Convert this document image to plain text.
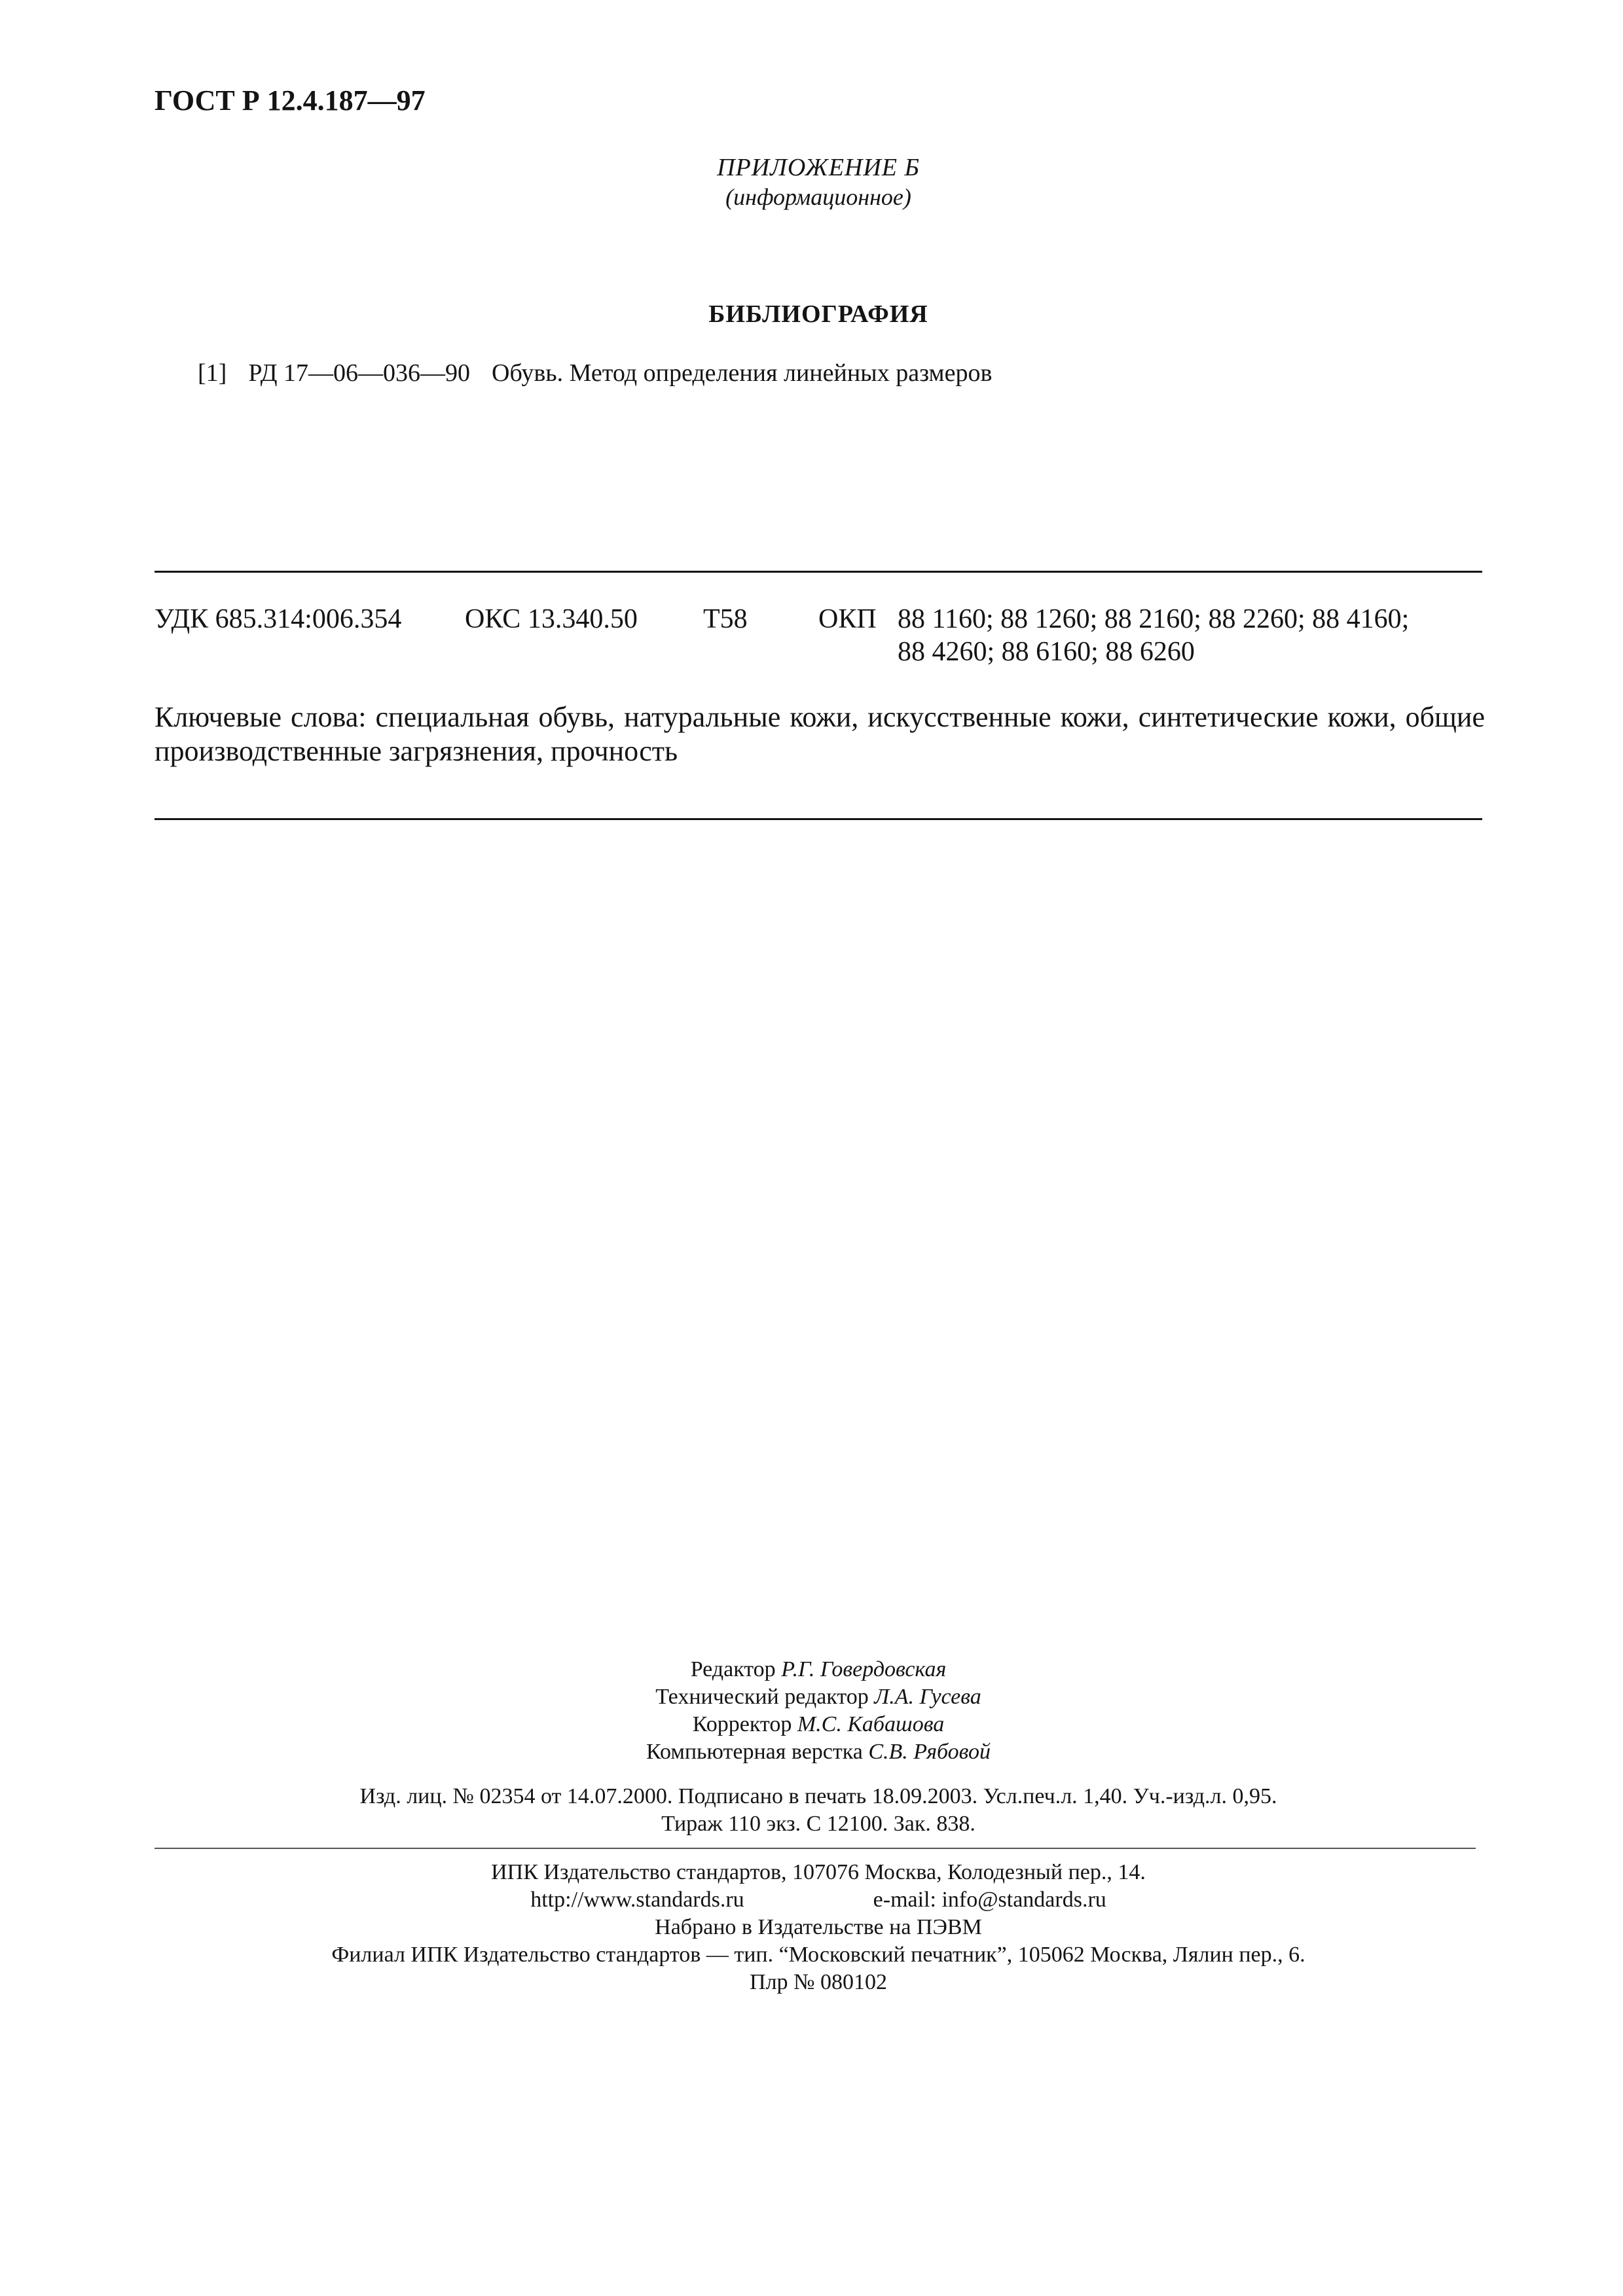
ГОСТ Р 12.4.187—97
ПРИЛОЖЕНИЕ Б
(информационное)
БИБЛИОГРАФИЯ
[1] РД 17—06—036—90 Обувь. Метод определения линейных размеров
УДК 685.314:006.354 ОКС 13.340.50 Т58	ОКП 88 1160; 88 1260; 88 2160; 88 2260; 88 4160;
88 4260; 88 6160; 88 6260
Ключевые слова: специальная обувь, натуральные кожи, искусственные кожи, синтетические кожи, общие производственные загрязнения, прочность
Редактор Р.Г. Говердовская
Технический редактор Л.А. Гусева
Корректор М.С. Кабашова
Компьютерная верстка С.В. Рябовой
Изд. лиц. № 02354 от 14.07.2000. Подписано в печать 18.09.2003. Усл.печ.л. 1,40. Уч.-изд.л. 0,95.
Тираж 110 экз. С 12100. Зак. 838.
ИПК Издательство стандартов, 107076 Москва, Колодезный пер., 14.
http://www.standards.ru	e-mail: info@standards.ru
Набрано в Издательстве на ПЭВМ
Филиал ИПК Издательство стандартов — тип. “Московский печатник”, 105062 Москва, Лялин пер., 6.
Плр № 080102
